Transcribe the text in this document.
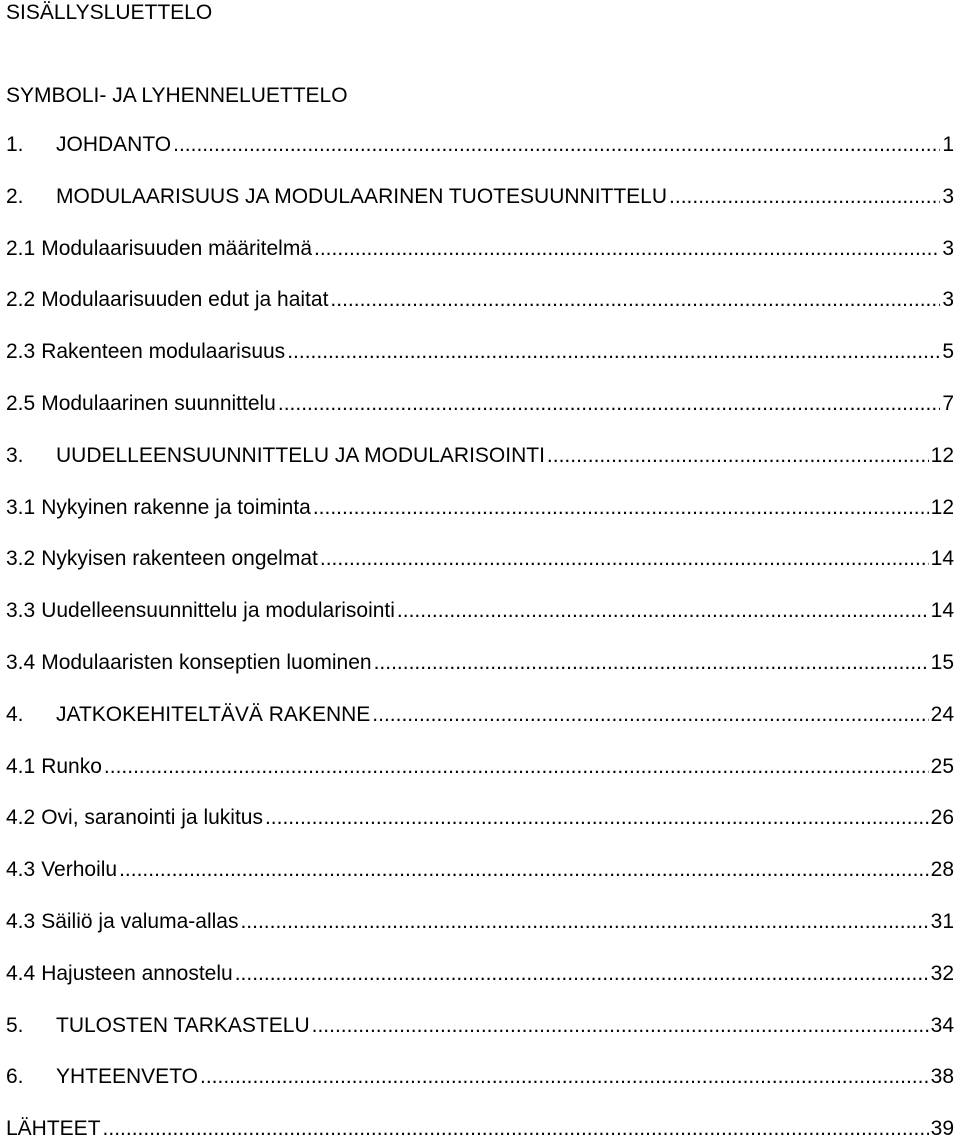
SISÄLLYSLUETTELO
SYMBOLI- JA LYHENNELUETTELO
1.	JOHDANTO .....	1
2.	MODULAARISUUS JA MODULAARINEN TUOTESUUNNITTELU .....	3
2.1 Modulaarisuuden määritelmä .....	3
2.2 Modulaarisuuden edut ja haitat .....	3
2.3 Rakenteen modulaarisuus .....	5
2.5 Modulaarinen suunnittelu .....	7
3.	UUDELLEENSUUNNITTELU JA MODULARISOINTI .....	12
3.1 Nykyinen rakenne ja toiminta .....	12
3.2 Nykyisen rakenteen ongelmat .....	14
3.3 Uudelleensuunnittelu ja modularisointi .....	14
3.4 Modulaaristen konseptien luominen .....	15
4.	JATKOKEHITELTÄVÄ RAKENNE .....	24
4.1 Runko .....	25
4.2 Ovi, saranointi ja lukitus .....	26
4.3 Verhoilu .....	28
4.3 Säiliö ja valuma-allas .....	31
4.4 Hajusteen annostelu .....	32
5.	TULOSTEN TARKASTELU .....	34
6.	YHTEENVETO .....	38
LÄHTEET .....	39
